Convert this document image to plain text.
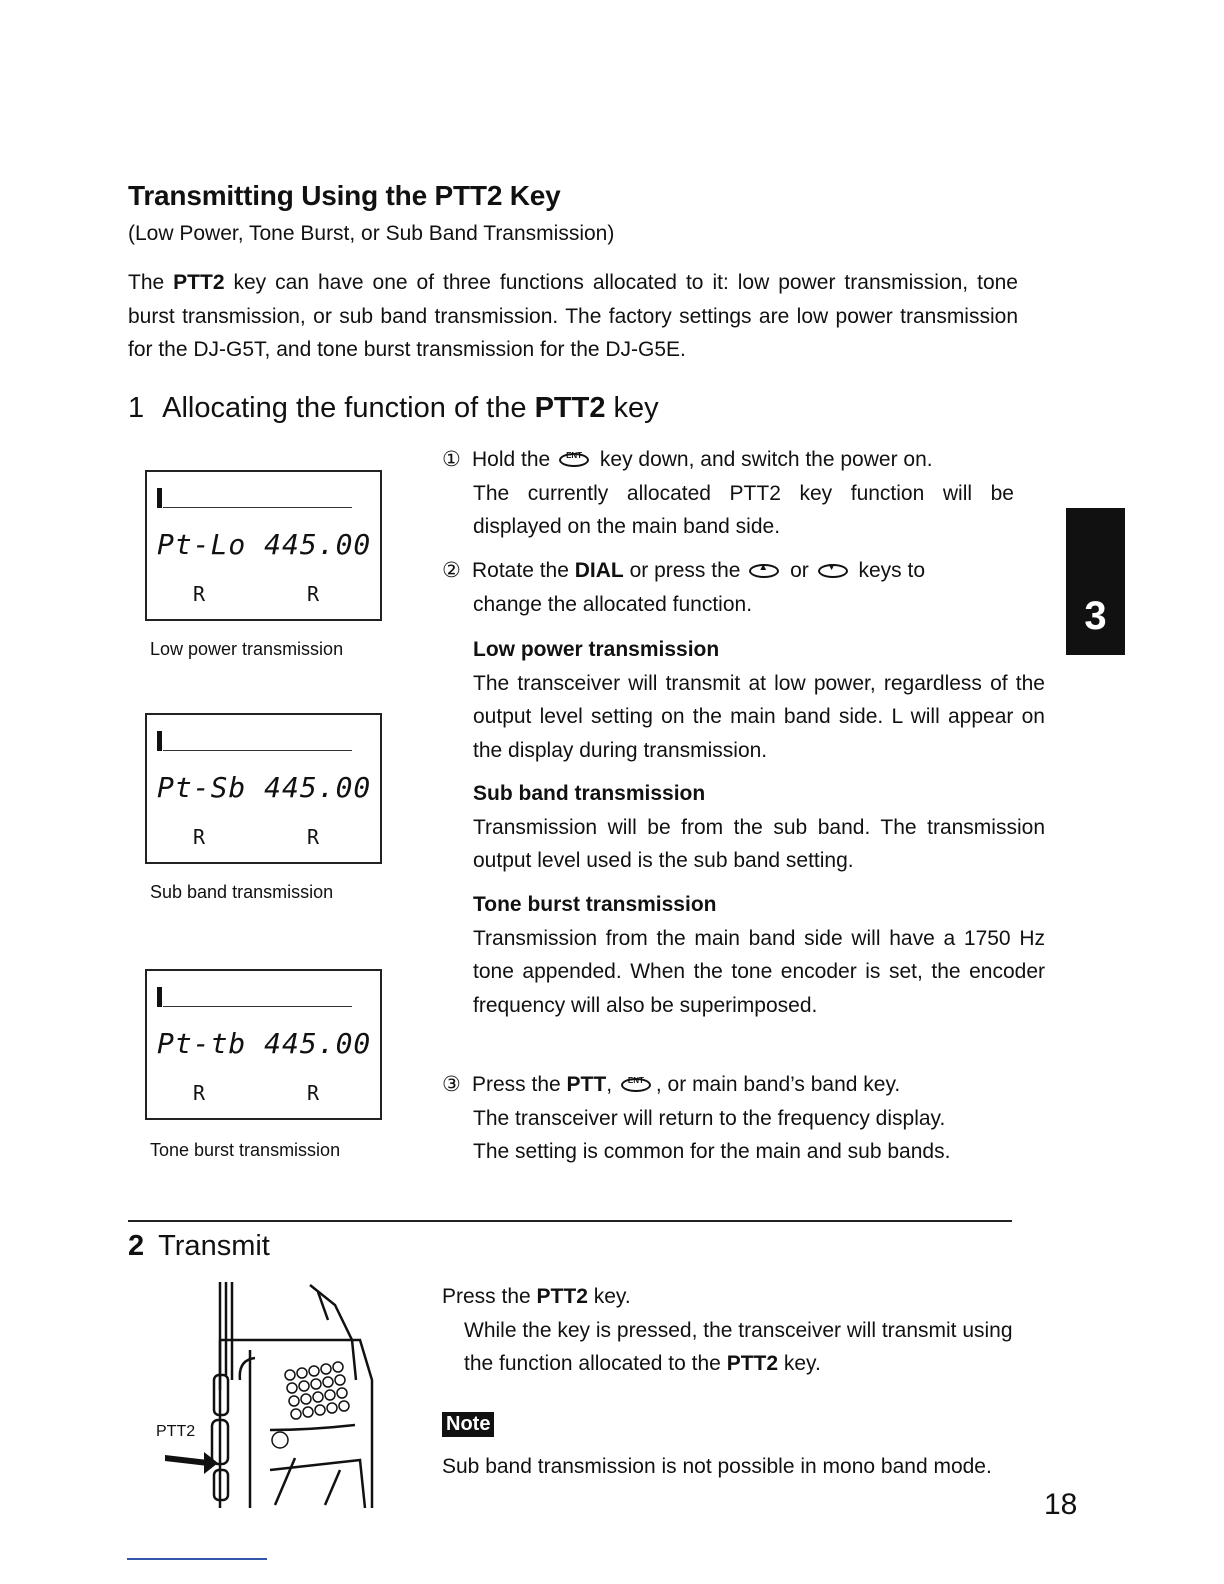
Transmitting Using the PTT2 Key
(Low Power, Tone Burst, or Sub Band Transmission)
The PTT2 key can have one of three functions allocated to it: low power transmission, tone burst transmission, or sub band transmission. The factory settings are low power transmission for the DJ-G5T, and tone burst transmission for the DJ-G5E.
1 Allocating the function of the PTT2 key
Pt-Lo 445.00
R	R
Low power transmission
Pt-Sb 445.00
R	R
Sub band transmission
Pt-tb 445.00
R	R
Tone burst transmission
① Hold the ENT key down, and switch the power on.
The currently allocated PTT2 key function will be displayed on the main band side.
② Rotate the DIAL or press the ▲ or ▼ keys to
change the allocated function.
Low power transmission
The transceiver will transmit at low power, regardless of the output level setting on the main band side. L will appear on the display during transmission.
Sub band transmission
Transmission will be from the sub band. The transmission output level used is the sub band setting.
Tone burst transmission
Transmission from the main band side will have a 1750 Hz tone appended. When the tone encoder is set, the encoder frequency will also be superimposed.
③ Press the PTT, ENT , or main band’s band key.
The transceiver will return to the frequency display.
The setting is common for the main and sub bands.
3
2 Transmit
PTT2
Press the PTT2 key.
While the key is pressed, the transceiver will transmit using the function allocated to the PTT2 key.
Note
Sub band transmission is not possible in mono band mode.
18
